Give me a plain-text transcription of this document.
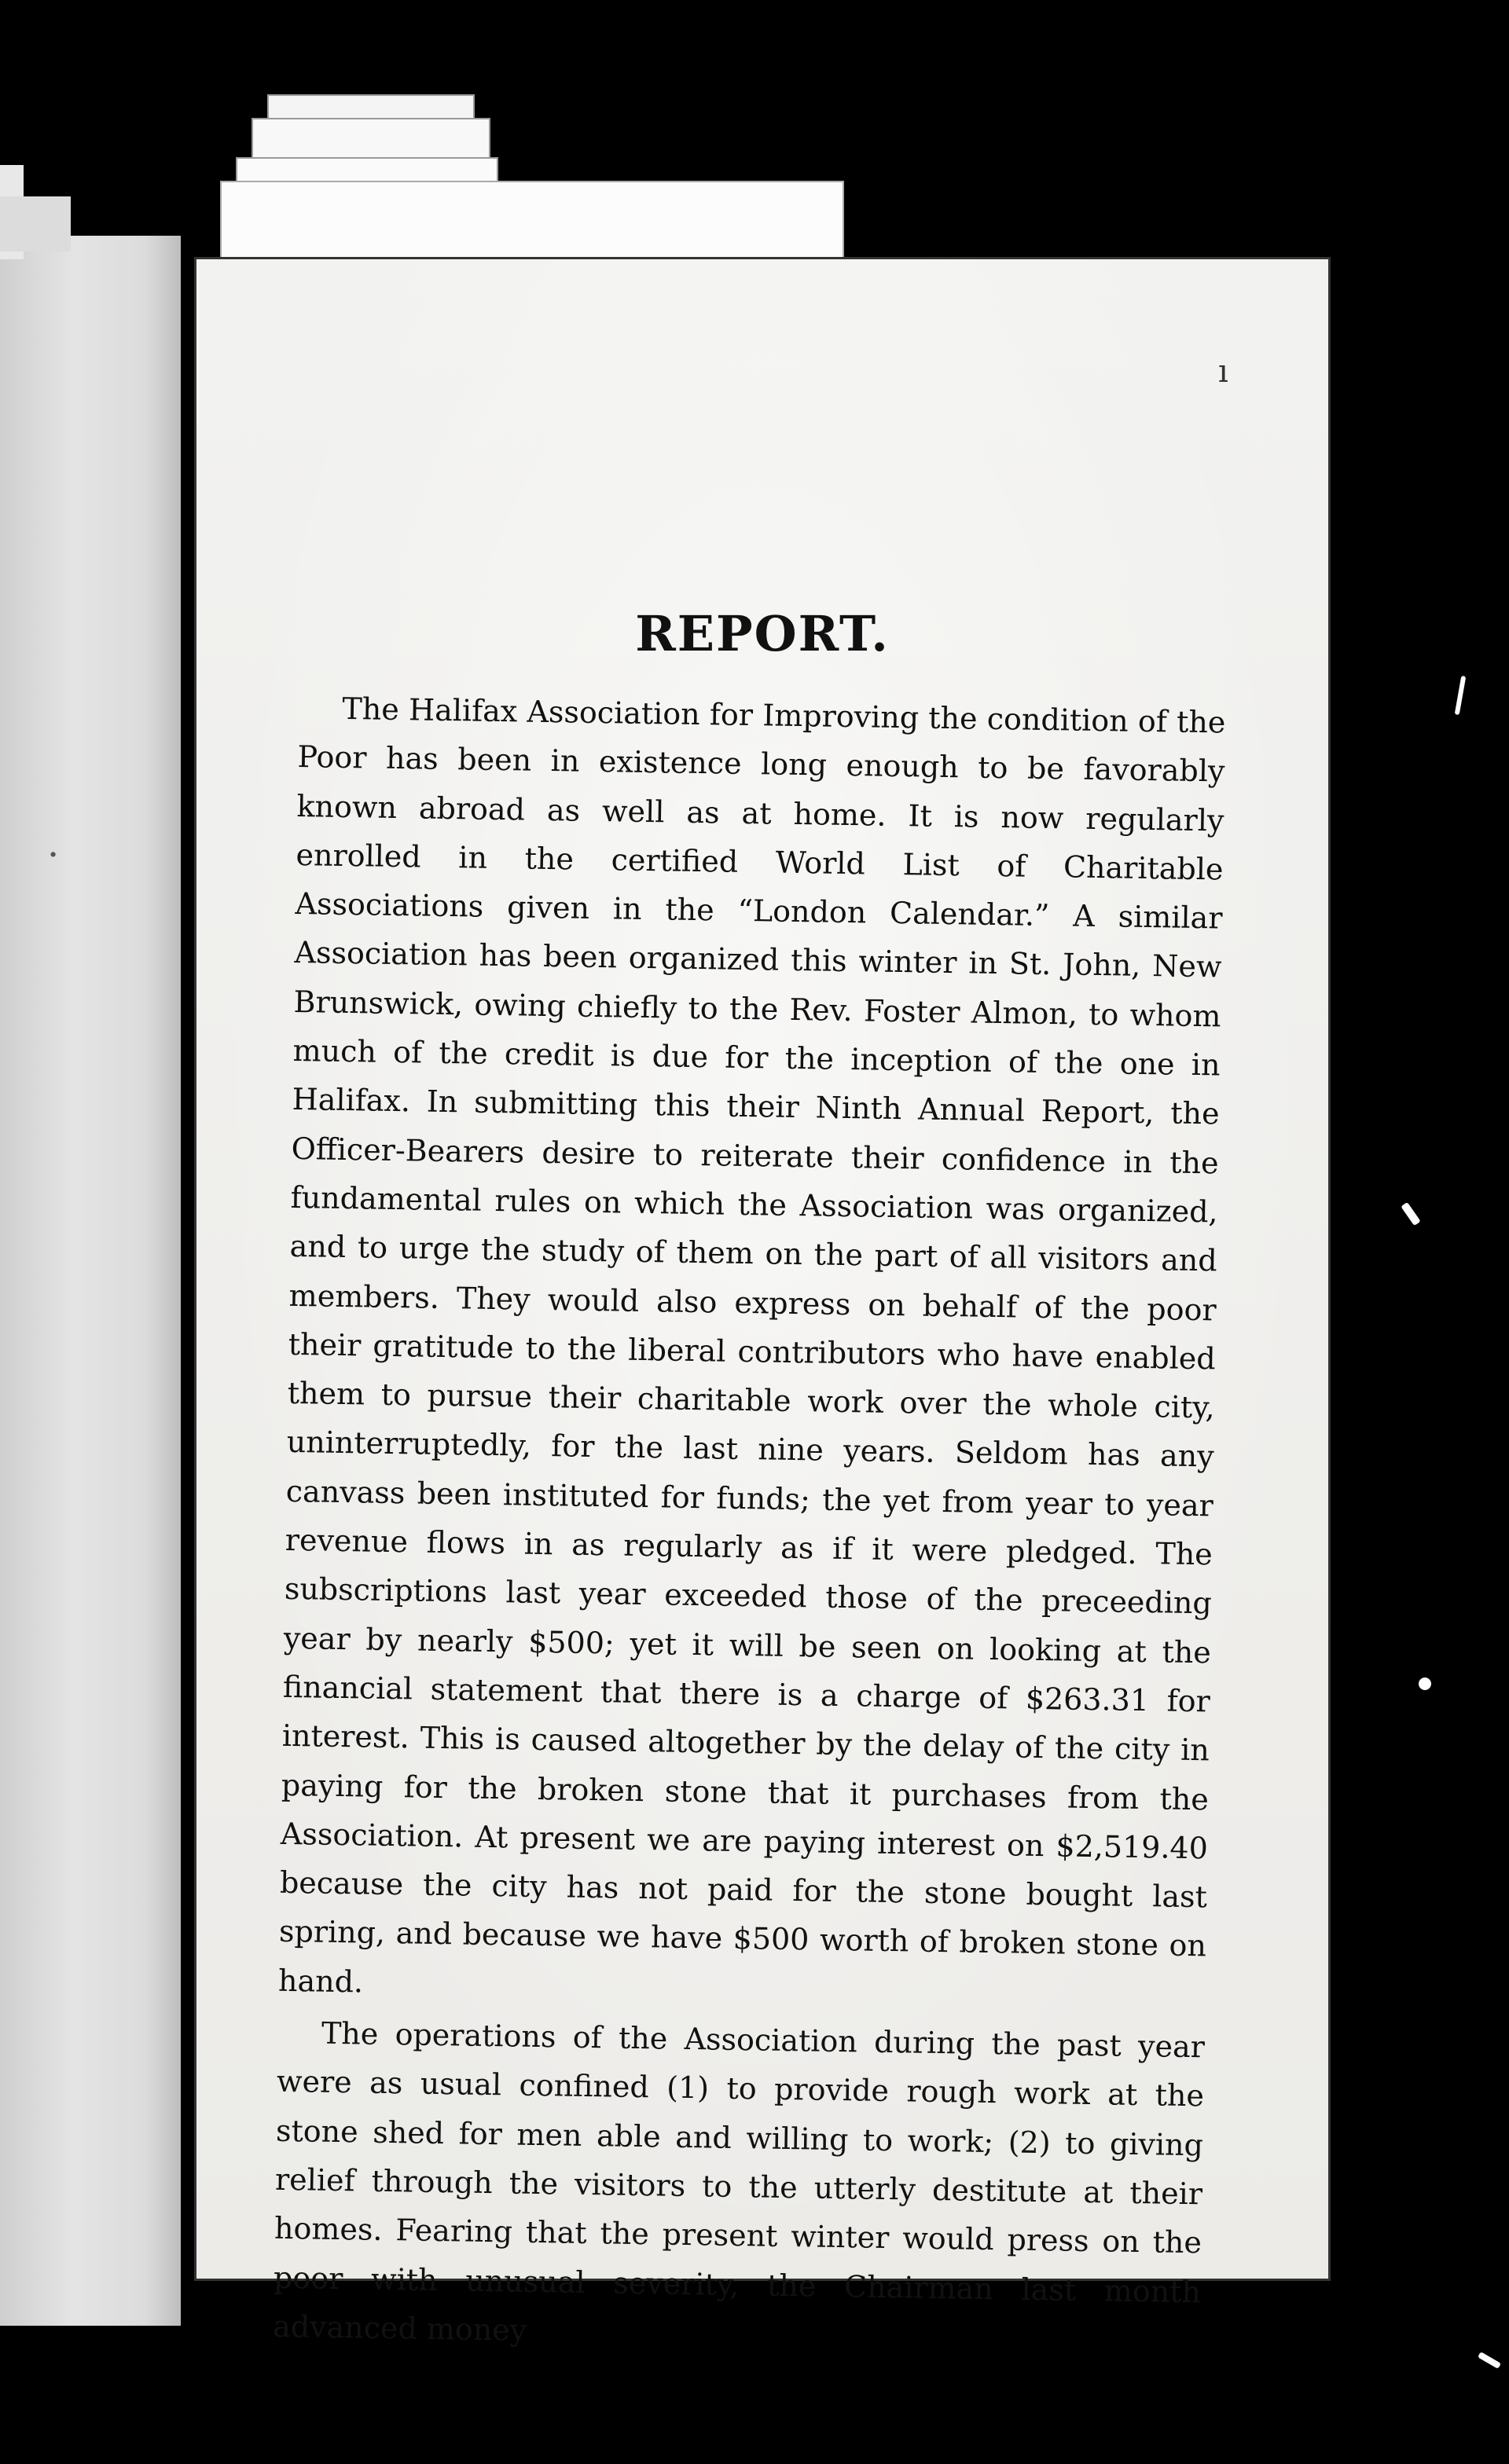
·
ı
REPORT.

The Halifax Association for Improving the condition of the Poor has been in existence long enough to be favorably known abroad as well as at home. It is now regularly enrolled in the certified World List of Charitable Associations given in the “London Calendar.” A similar Association has been organized this winter in St. John, New Brunswick, owing chiefly to the Rev. Foster Almon, to whom much of the credit is due for the inception of the one in Halifax. In submitting this their Ninth Annual Report, the Officer-Bearers desire to reiterate their confidence in the fundamental rules on which the Association was organized, and to urge the study of them on the part of all visitors and members. They would also express on behalf of the poor their gratitude to the liberal contributors who have enabled them to pursue their charitable work over the whole city, uninterruptedly, for the last nine years. Seldom has any canvass been instituted for funds; the yet from year to year revenue flows in as regularly as if it were pledged. The subscriptions last year exceeded those of the preceeding year by nearly $500; yet it will be seen on looking at the financial statement that there is a charge of $263.31 for interest. This is caused altogether by the delay of the city in paying for the broken stone that it purchases from the Association. At present we are paying interest on $2,519.40 because the city has not paid for the stone bought last spring, and because we have $500 worth of broken stone on hand.

The operations of the Association during the past year were as usual confined (1) to provide rough work at the stone shed for men able and willing to work; (2) to giving relief through the visitors to the utterly destitute at their homes. Fearing that the present winter would press on the poor with unusual severity, the Chairman last month advanced money
